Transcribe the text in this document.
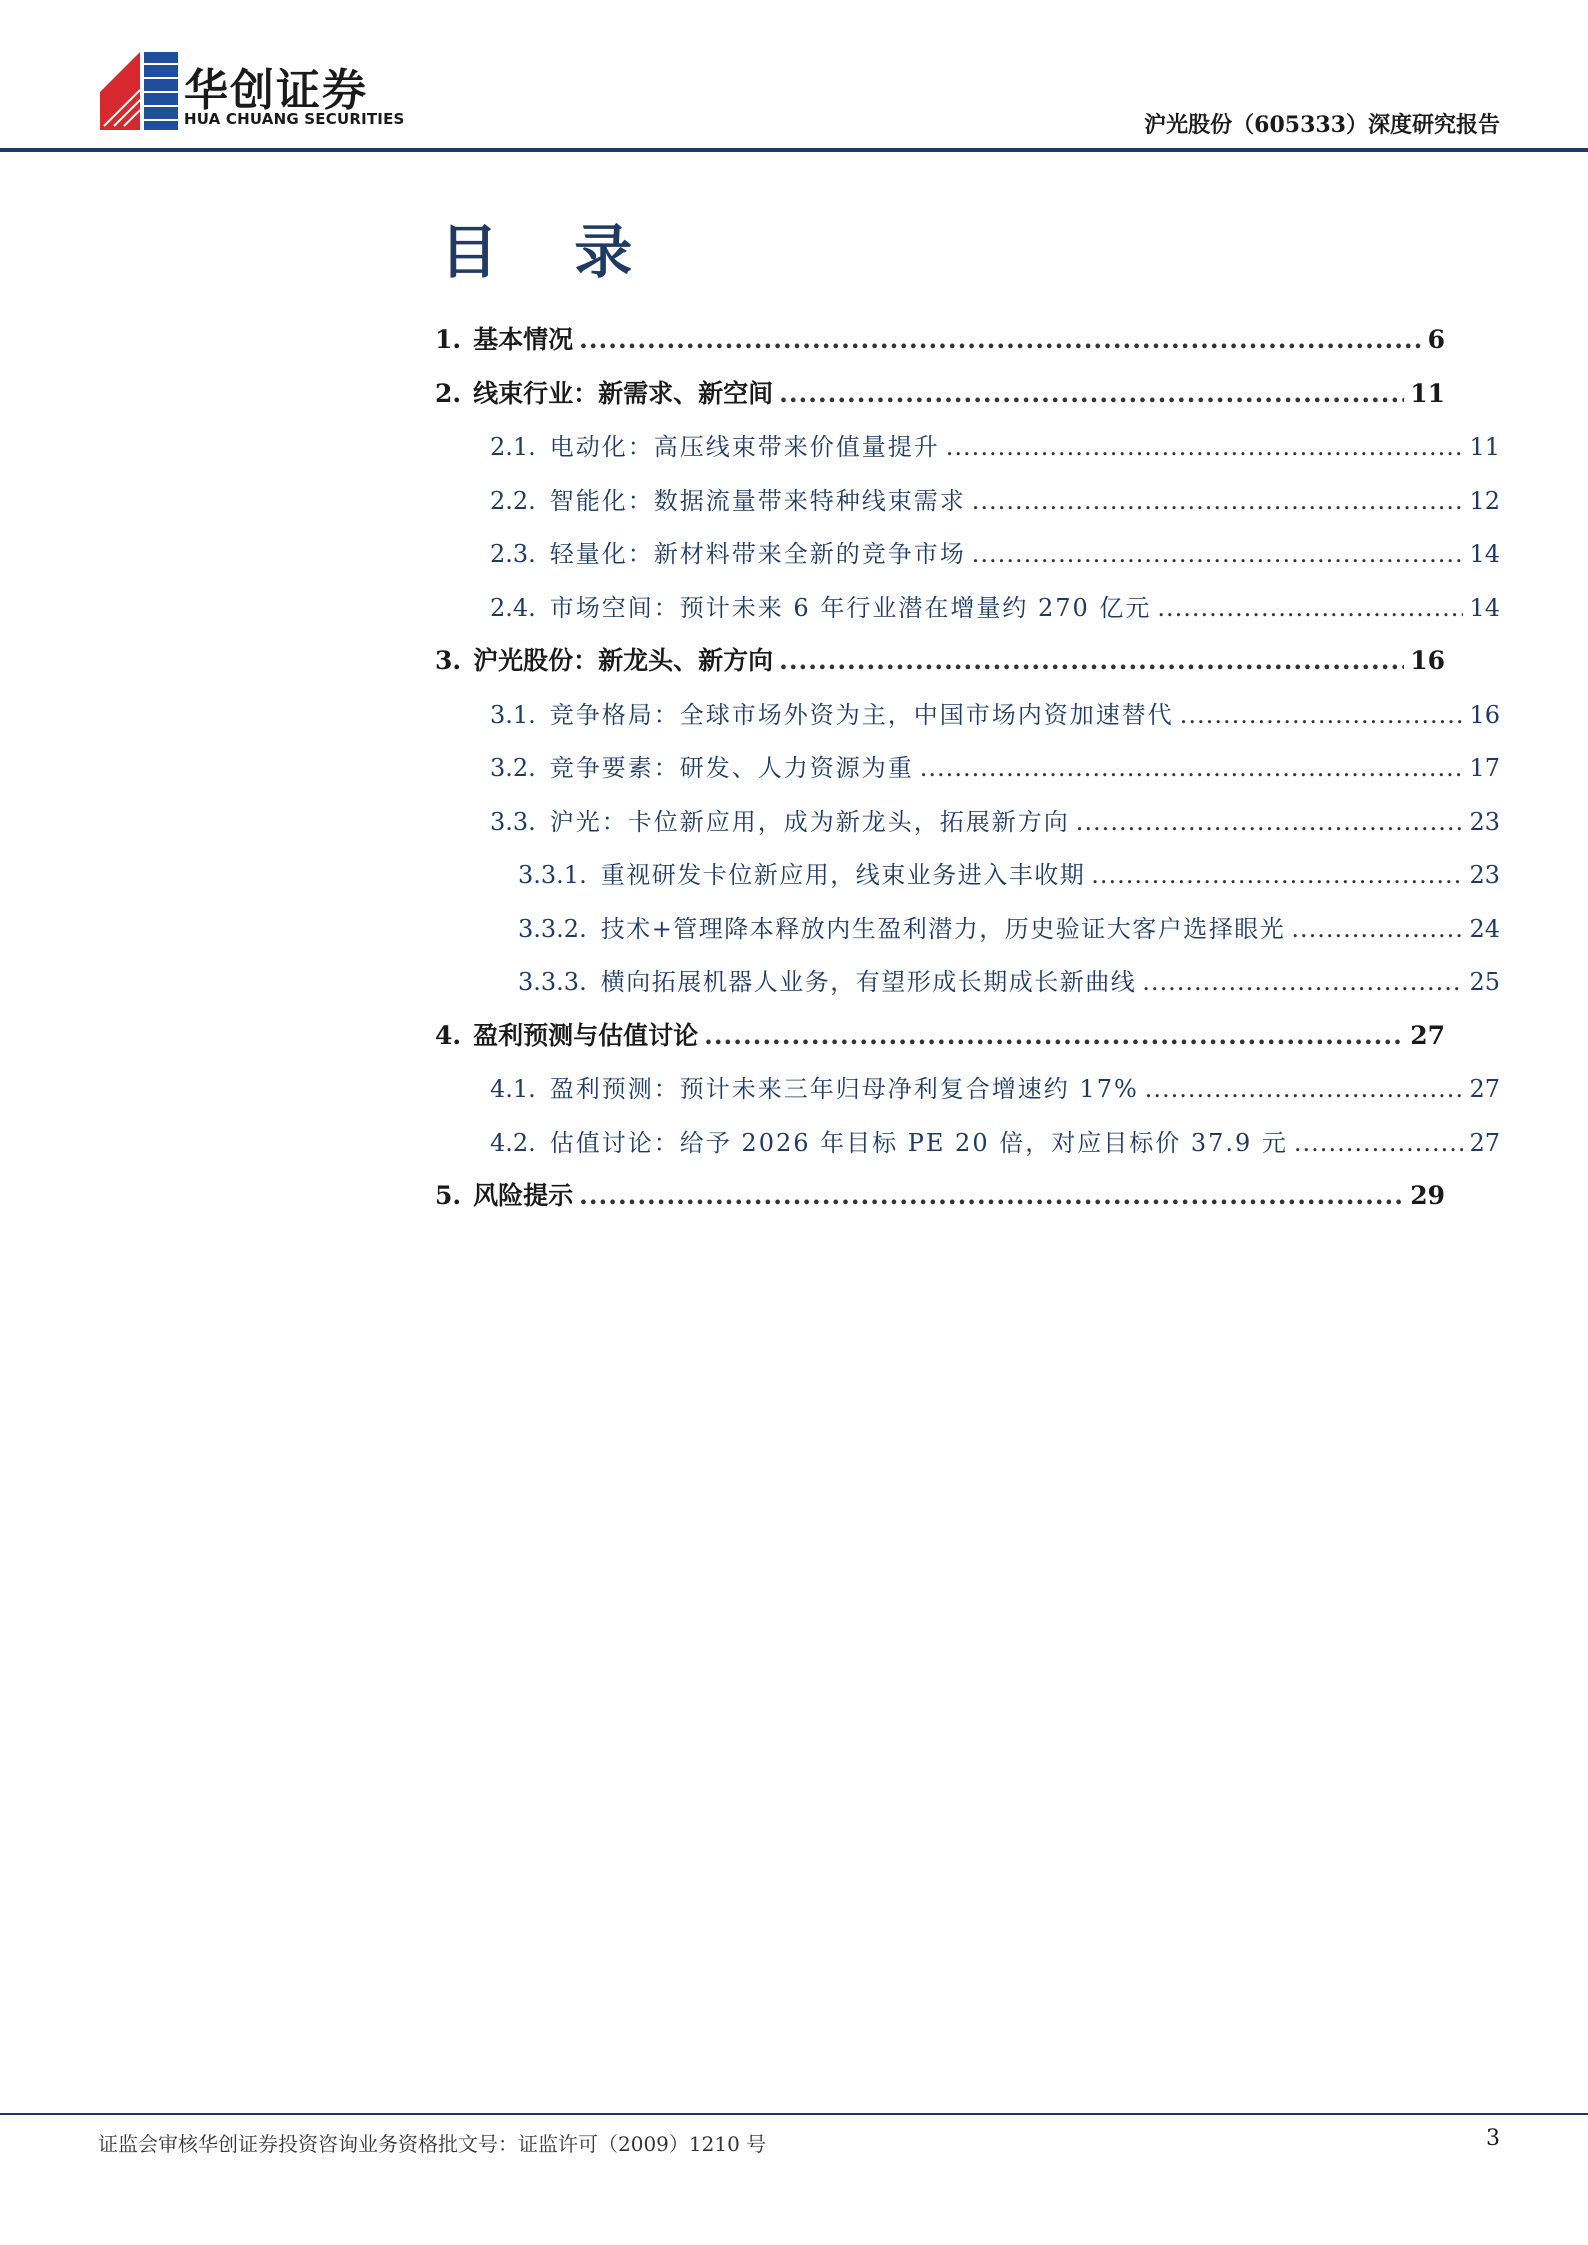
华创证券
HUA CHUANG SECURITIES	沪光股份（605333）深度研究报告
目 录
1. 基本情况 .....	6
2. 线束行业：新需求、新空间 .....	11
2.1. 电动化：高压线束带来价值量提升 .....	11
2.2. 智能化：数据流量带来特种线束需求 .....	12
2.3. 轻量化：新材料带来全新的竞争市场 .....	14
2.4. 市场空间：预计未来 6 年行业潜在增量约 270 亿元 .....	14
3. 沪光股份：新龙头、新方向 .....	16
3.1. 竞争格局：全球市场外资为主，中国市场内资加速替代 .....	16
3.2. 竞争要素：研发、人力资源为重 .....	17
3.3. 沪光：卡位新应用，成为新龙头，拓展新方向 .....	23
3.3.1. 重视研发卡位新应用，线束业务进入丰收期 .....	23
3.3.2. 技术+管理降本释放内生盈利潜力，历史验证大客户选择眼光 .....	24
3.3.3. 横向拓展机器人业务，有望形成长期成长新曲线 .....	25
4. 盈利预测与估值讨论 .....	27
4.1. 盈利预测：预计未来三年归母净利复合增速约 17% .....	27
4.2. 估值讨论：给予 2026 年目标 PE 20 倍，对应目标价 37.9 元 .....	27
5. 风险提示 .....	29
证监会审核华创证券投资咨询业务资格批文号：证监许可（2009）1210 号	3
